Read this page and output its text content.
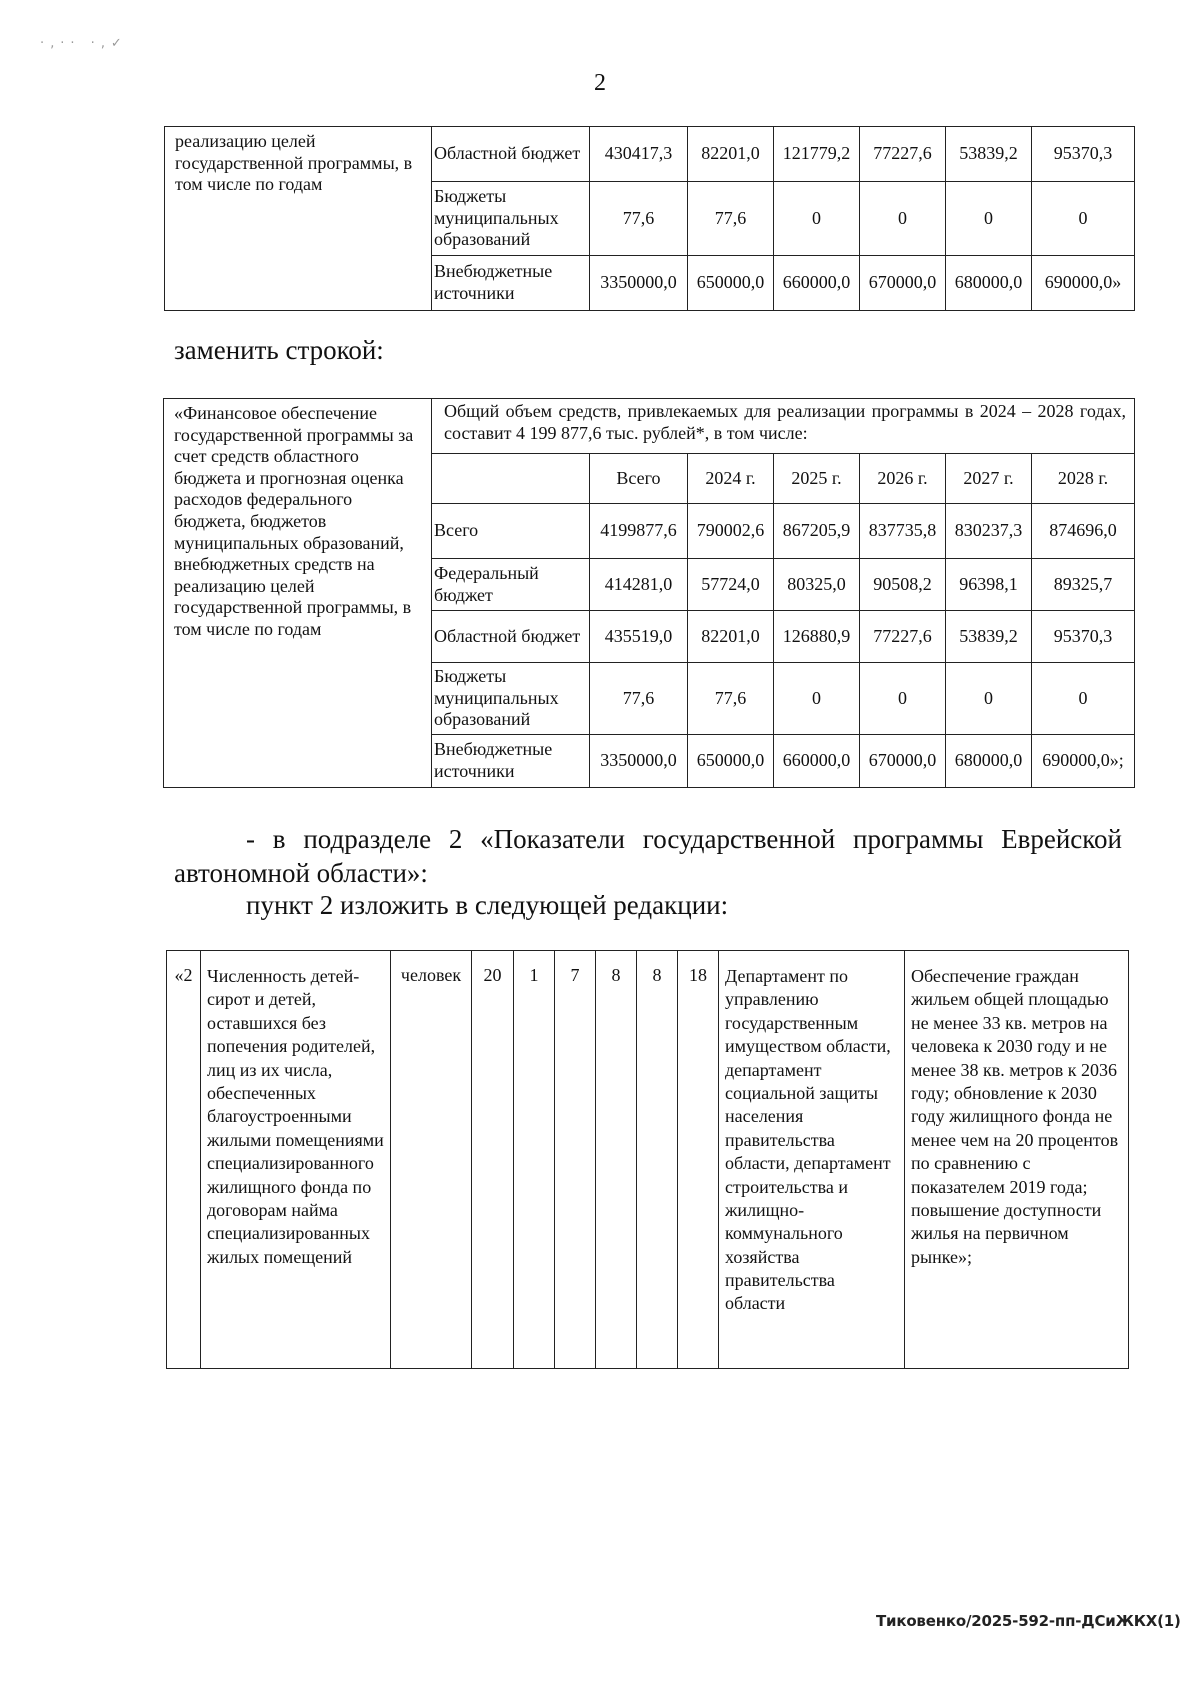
·‚·· ·‚✓
2
реализацию целей государственной программы, в том числе по годам	Областной бюджет	430417,3	82201,0	121779,2	77227,6	53839,2	95370,3
	Бюджеты муниципальных образований	77,6	77,6	0	0	0	0
	Внебюджетные источники	3350000,0	650000,0	660000,0	670000,0	680000,0	690000,0»
заменить строкой:
«Финансовое обеспечение государственной программы за счет средств областного бюджета и прогнозная оценка расходов федерального бюджета, бюджетов муниципальных образований, внебюджетных средств на реализацию целей государственной программы, в том числе по годам	Общий объем средств, привлекаемых для реализации программы в 2024 – 2028 годах, составит 4 199 877,6 тыс. рублей*, в том числе:						
		Всего	2024 г.	2025 г.	2026 г.	2027 г.	2028 г.
	Всего	4199877,6	790002,6	867205,9	837735,8	830237,3	874696,0
	Федеральный бюджет	414281,0	57724,0	80325,0	90508,2	96398,1	89325,7
	Областной бюджет	435519,0	82201,0	126880,9	77227,6	53839,2	95370,3
	Бюджеты муниципальных образований	77,6	77,6	0	0	0	0
	Внебюджетные источники	3350000,0	650000,0	660000,0	670000,0	680000,0	690000,0»;
- в подразделе 2 «Показатели государственной программы Еврейской автономной области»:
пункт 2 изложить в следующей редакции:
«2	Численность детей-сирот и детей, оставшихся без попечения родителей, лиц из их числа, обеспеченных благоустроенными жилыми помещениями специализированного жилищного фонда по договорам найма специализированных жилых помещений	человек	20	1	7	8	8	18	Департамент по управлению государственным имуществом области, департамент социальной защиты населения правительства области, департамент строительства и жилищно-коммунального хозяйства правительства области	Обеспечение граждан жильем общей площадью не менее 33 кв. метров на человека к 2030 году и не менее 38 кв. метров к 2036 году; обновление к 2030 году жилищного фонда не менее чем на 20 процентов по сравнению с показателем 2019 года; повышение доступности жилья на первичном рынке»;
Тиковенко/2025-592-пп-ДСиЖКХ(1)
